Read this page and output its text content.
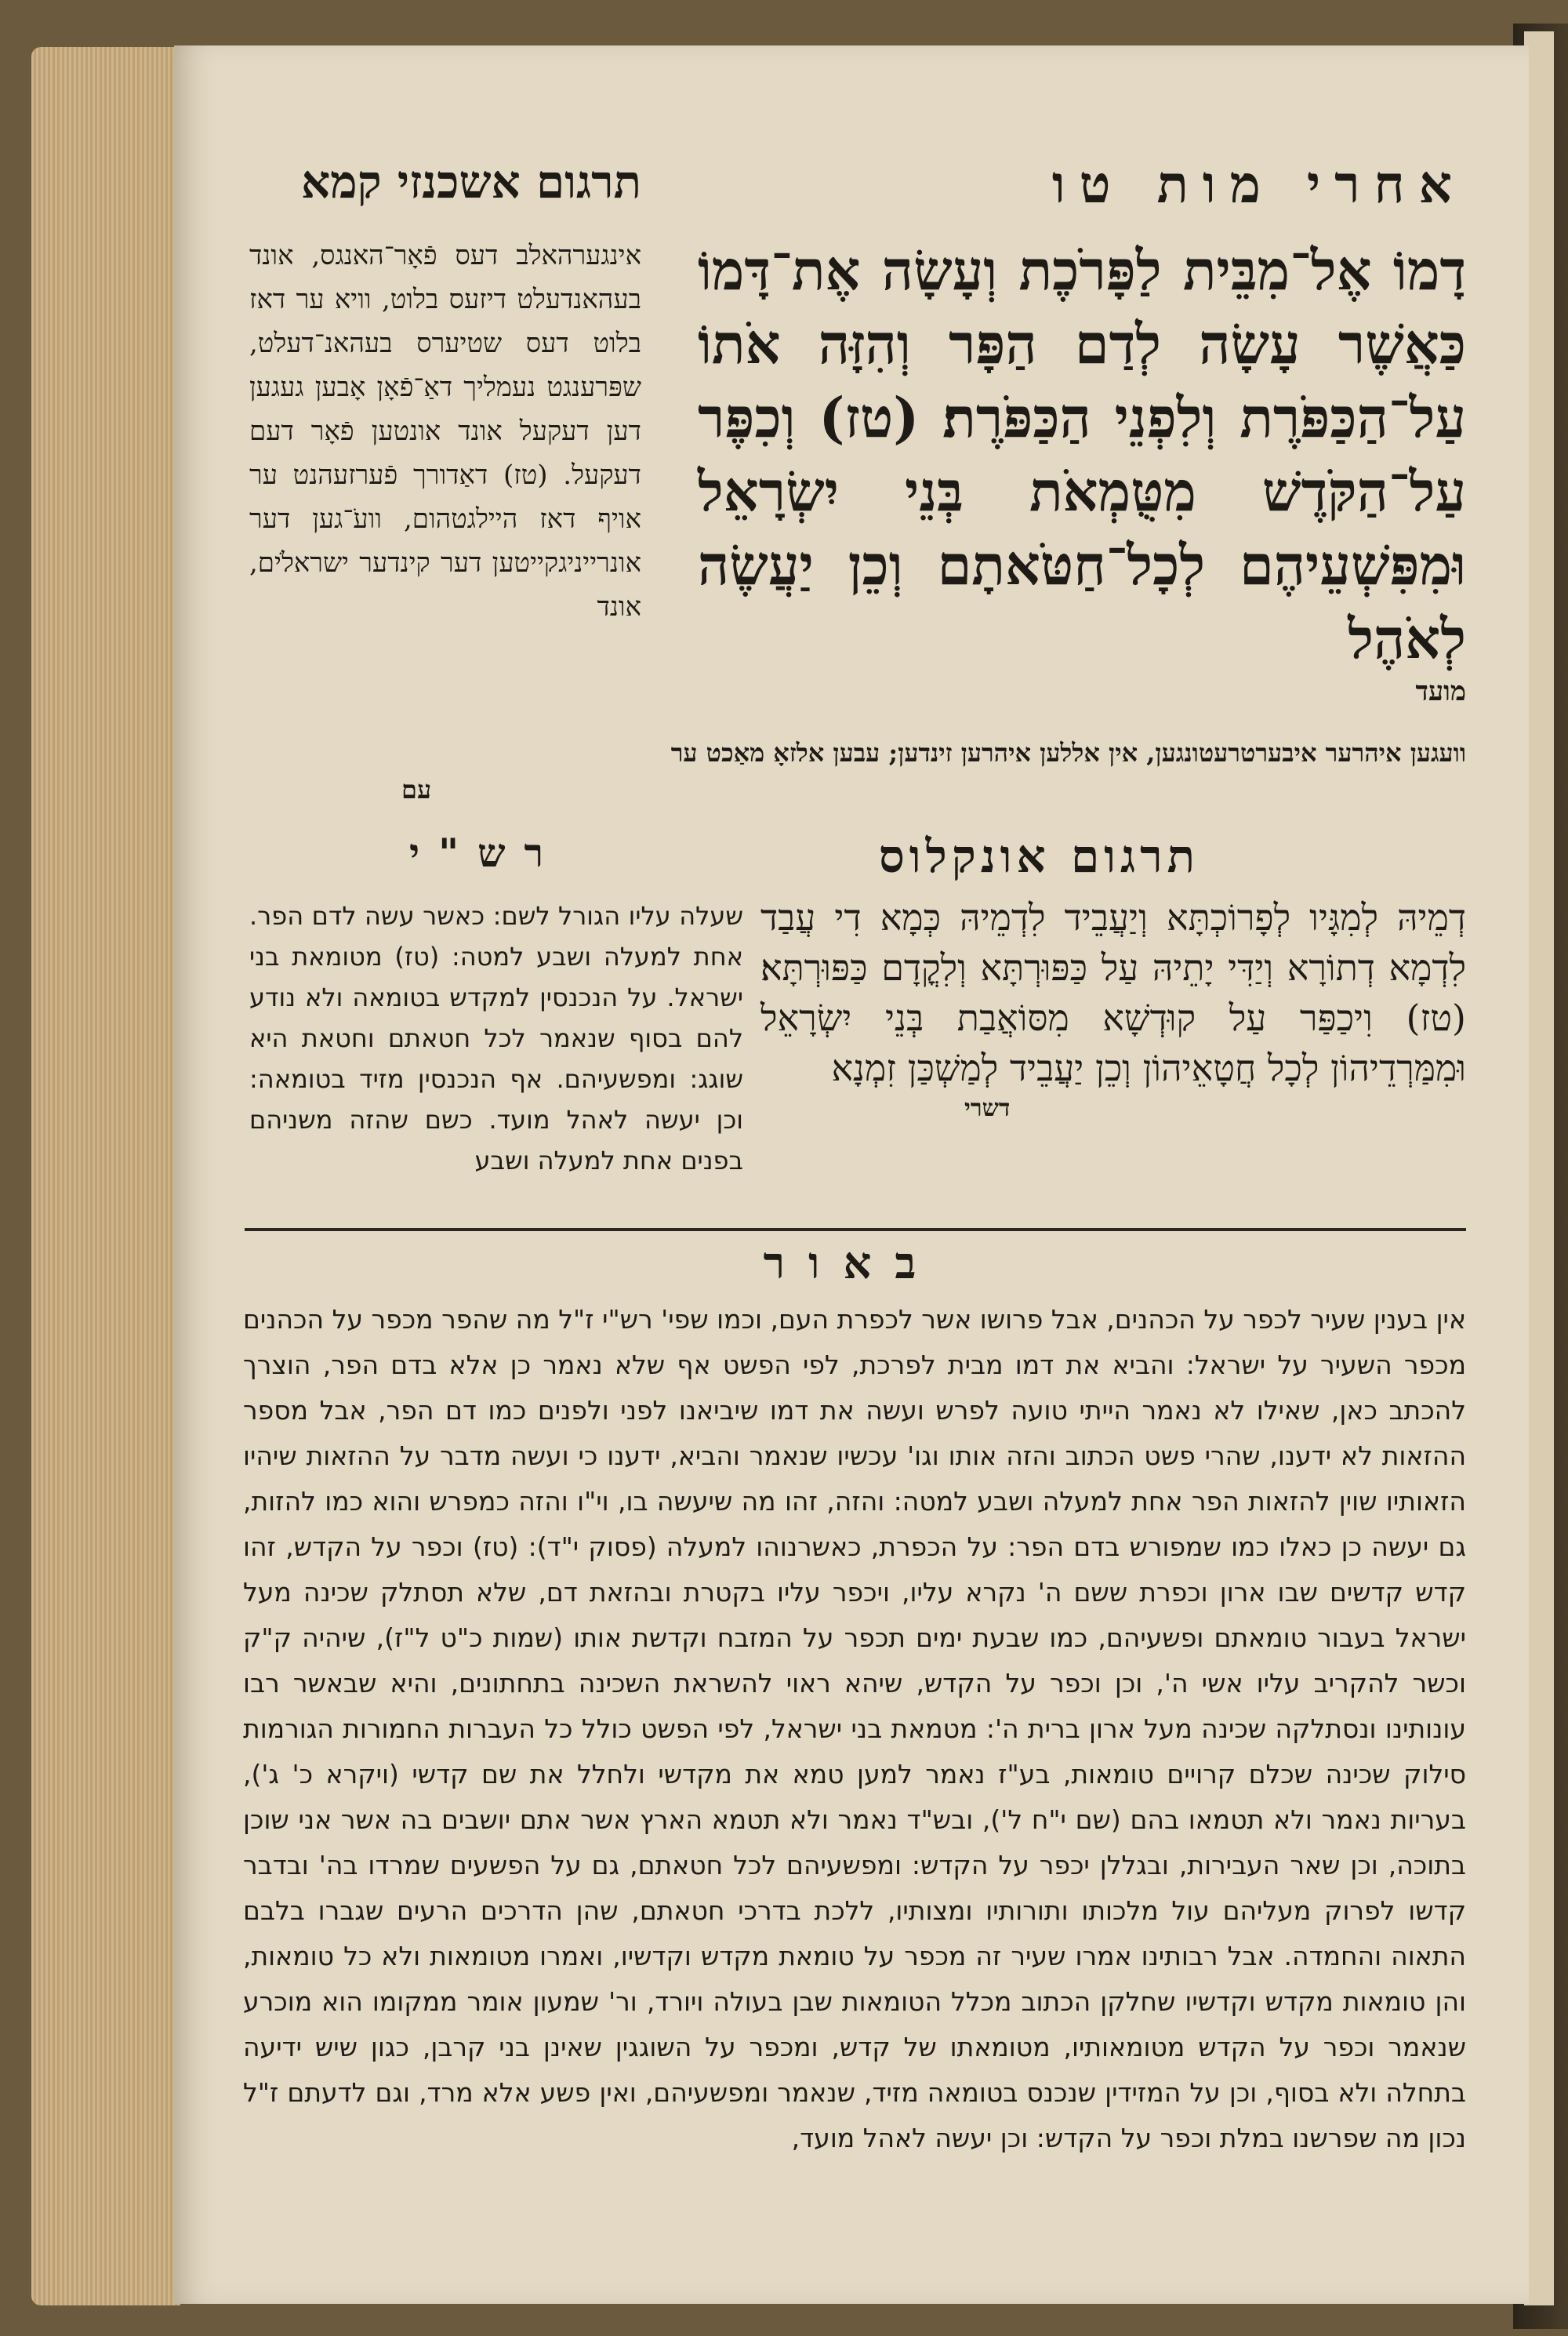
אחרי מות טו
תרגום אשכנזי קמא
דָמוֹ אֶל־מִבֵּית לַפָּרֹכֶת וְעָשָׂה אֶת־דָּמוֹ כַּאֲשֶׁר עָשָׂה לְדַם הַפָּר וְהִזָּה אֹתוֹ עַל־הַכַּפֹּרֶת וְלִפְנֵי הַכַּפֹּרֶת׃ (טז) וְכִפֶּר עַל־הַקֹּדֶשׁ מִטֻּמְאֹת בְּנֵי יִשְׂרָאֵל וּמִפִּשְׁעֵיהֶם לְכָל־חַטֹּאתָם וְכֵן יַעֲשֶׂה לְאֹהֶל
מועד
אינגערהאלב דעס פֿאָר־האנגס, אונד בעהאנדעלט דיזעס בלוט, וויא ער דאז בלוט דעס שטיערס בעהאנ־דעלט, שפּרענגט נעמליך דאַ־פֿאָן אָבען געגען דען דעקעל אונד אונטען פֿאָר דעם דעקעל. (טז) דאַדורך פֿערזעהנט ער אויף דאז היילגטהום, וועֹ־גען דער אונרייניגקייטען דער קינדער ישראלֹים, אונד
וועגען איהרער איבערטרעטונגען, אין אללען איהרען זינדען; עבען אלזאָ מאַכט ער
עם
תרגום אונקלוס
רש"י
דְמֵיהּ לְמִגָּיו לְפָרוֹכְתָּא וְיַעֲבֵיד לִדְמֵיהּ כְּמָא דִי עֲבַד לִדְמָא דְתוֹרָא וְיַדִּי יָתֵיהּ עַל כַּפּוּרְתָּא וְלִקֳדָם כַּפּוּרְתָּא׃ (טז) וִיכַפַּר עַל קוּדְשָׁא מִסּוֹאֲבַת בְּנֵי יִשְׂרָאֵל וּמִמַּרְדֵיהוֹן לְכָל חֲטָאֵיהוֹן וְכֵן יַעֲבֵיד לְמַשְׁכַּן זִמְנָא
דשרי
שעלה עליו הגורל לשם: כאשר עשה לדם הפר. אחת למעלה ושבע למטה: (טז) מטומאת בני ישראל. על הנכנסין למקדש בטומאה ולא נודע להם בסוף שנאמר לכל חטאתם וחטאת היא שוגג: ומפשעיהם. אף הנכנסין מזיד בטומאה: וכן יעשה לאהל מועד. כשם שהזה משניהם בפנים אחת למעלה ושבע
באור
אין בענין שעיר לכפר על הכהנים, אבל פרושו אשר לכפרת העם, וכמו שפי' רש"י ז"ל מה שהפר מכפר על הכהנים מכפר השעיר על ישראל: והביא את דמו מבית לפרכת, לפי הפשט אף שלא נאמר כן אלא בדם הפר, הוצרך להכתב כאן, שאילו לא נאמר הייתי טועה לפרש ועשה את דמו שיביאנו לפני ולפנים כמו דם הפר, אבל מספר ההזאות לא ידענו, שהרי פשט הכתוב והזה אותו וגו' עכשיו שנאמר והביא, ידענו כי ועשה מדבר על ההזאות שיהיו הזאותיו שוין להזאות הפר אחת למעלה ושבע למטה: והזה, זהו מה שיעשה בו, וי"ו והזה כמפרש והוא כמו להזות, גם יעשה כן כאלו כמו שמפורש בדם הפר: על הכפרת, כאשרנוהו למעלה (פסוק י"ד): (טז) וכפר על הקדש, זהו קדש קדשים שבו ארון וכפרת ששם ה' נקרא עליו, ויכפר עליו בקטרת ובהזאת דם, שלא תסתלק שכינה מעל ישראל בעבור טומאתם ופשעיהם, כמו שבעת ימים תכפר על המזבח וקדשת אותו (שמות כ"ט ל"ז), שיהיה ק"ק וכשר להקריב עליו אשי ה', וכן וכפר על הקדש, שיהא ראוי להשראת השכינה בתחתונים, והיא שבאשר רבו עונותינו ונסתלקה שכינה מעל ארון ברית ה': מטמאת בני ישראל, לפי הפשט כולל כל העברות החמורות הגורמות סילוק שכינה שכלם קרויים טומאות, בע"ז נאמר למען טמא את מקדשי ולחלל את שם קדשי (ויקרא כ' ג'), בעריות נאמר ולא תטמאו בהם (שם י"ח ל'), ובש"ד נאמר ולא תטמא הארץ אשר אתם יושבים בה אשר אני שוכן בתוכה, וכן שאר העבירות, ובגללן יכפר על הקדש: ומפשעיהם לכל חטאתם, גם על הפשעים שמרדו בה' ובדבר קדשו לפרוק מעליהם עול מלכותו ותורותיו ומצותיו, ללכת בדרכי חטאתם, שהן הדרכים הרעים שגברו בלבם התאוה והחמדה. אבל רבותינו אמרו שעיר זה מכפר על טומאת מקדש וקדשיו, ואמרו מטומאות ולא כל טומאות, והן טומאות מקדש וקדשיו שחלקן הכתוב מכלל הטומאות שבן בעולה ויורד, ור' שמעון אומר ממקומו הוא מוכרע שנאמר וכפר על הקדש מטומאותיו, מטומאתו של קדש, ומכפר על השוגגין שאינן בני קרבן, כגון שיש ידיעה בתחלה ולא בסוף, וכן על המזידין שנכנס בטומאה מזיד, שנאמר ומפשעיהם, ואין פשע אלא מרד, וגם לדעתם ז"ל נכון מה שפרשנו במלת וכפר על הקדש: וכן יעשה לאהל מועד,
